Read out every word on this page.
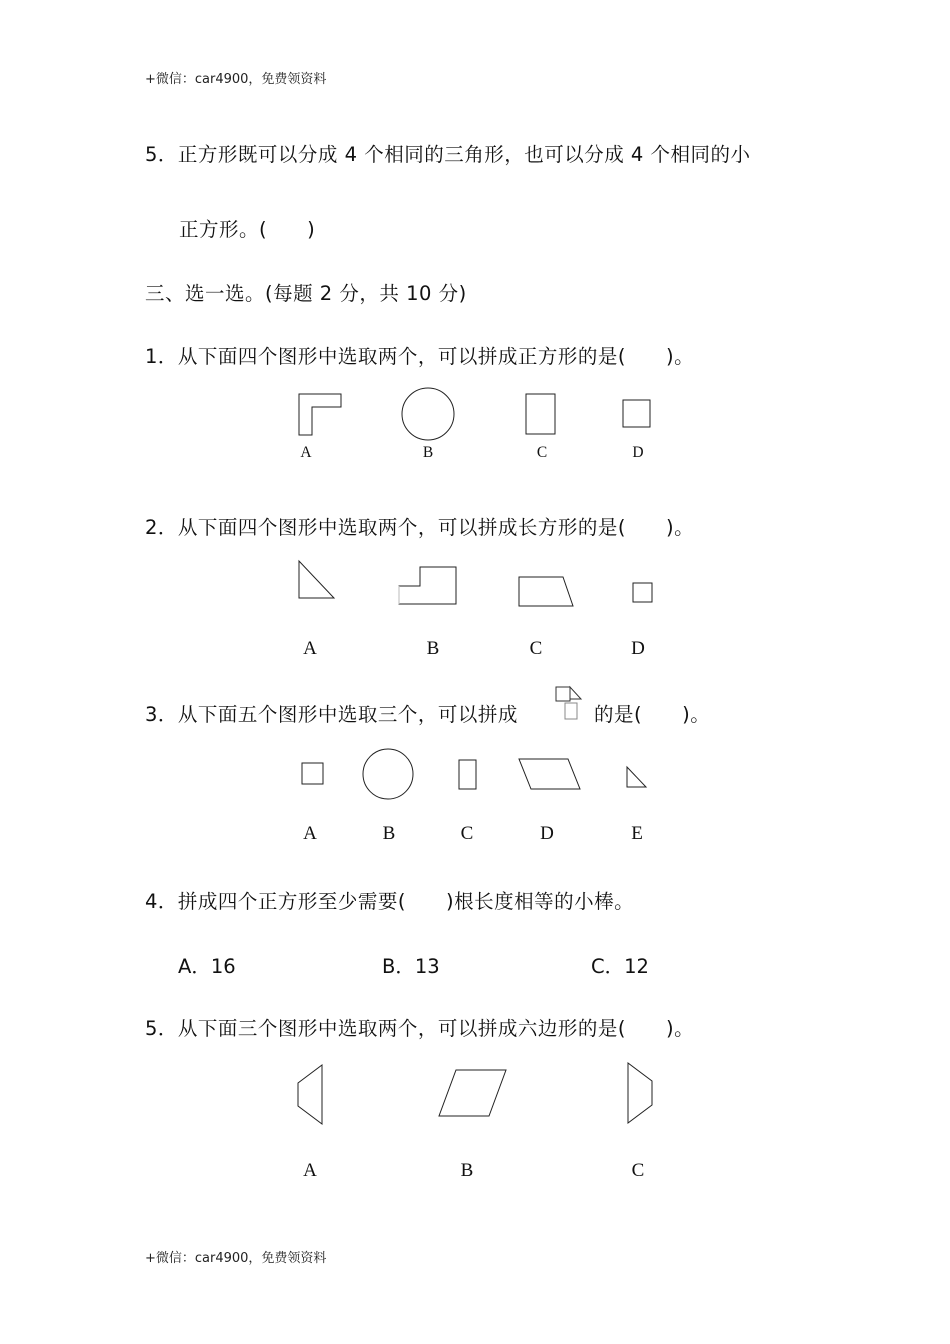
+微信：car4900，免费领资料
5．正方形既可以分成 4 个相同的三角形，也可以分成 4 个相同的小
正方形。(　　)
三、选一选。(每题 2 分，共 10 分)
1．从下面四个图形中选取两个，可以拼成正方形的是(　　)。
A	B	C	D
2．从下面四个图形中选取两个，可以拼成长方形的是(　　)。
A	B	C	D
3．从下面五个图形中选取三个，可以拼成	的是(　　)。
A	B	C	D	E
4．拼成四个正方形至少需要(　　)根长度相等的小棒。
A．16	B．13	C．12
5．从下面三个图形中选取两个，可以拼成六边形的是(　　)。
A	B	C
+微信：car4900，免费领资料
